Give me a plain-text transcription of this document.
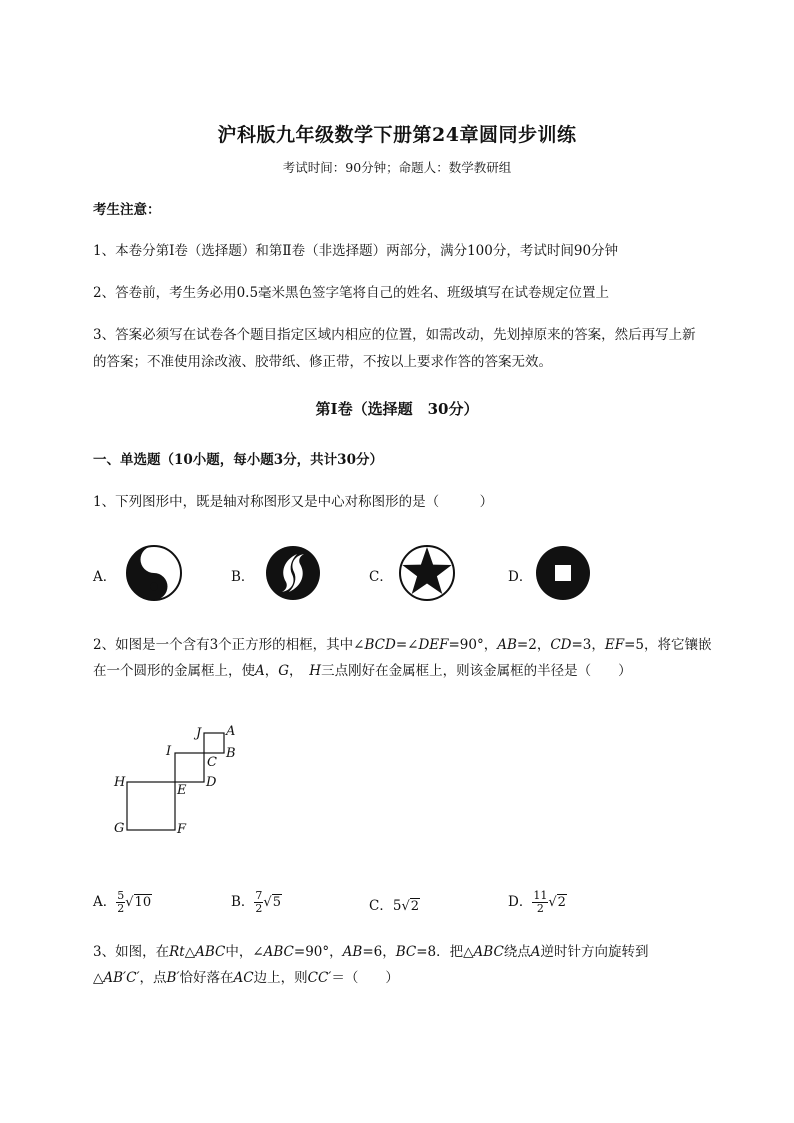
沪科版九年级数学下册第24章圆同步训练
考试时间：90分钟；命题人：数学教研组
考生注意：
1、本卷分第I卷（选择题）和第Ⅱ卷（非选择题）两部分，满分100分，考试时间90分钟
2、答卷前，考生务必用0.5毫米黑色签字笔将自己的姓名、班级填写在试卷规定位置上
3、答案必须写在试卷各个题目指定区域内相应的位置，如需改动，先划掉原来的答案，然后再写上新
的答案；不准使用涂改液、胶带纸、修正带，不按以上要求作答的答案无效。
第I卷（选择题　30分）
一、单选题（10小题，每小题3分，共计30分）
1、下列图形中，既是轴对称图形又是中心对称图形的是（　　　）
A．	B．	C．	D．
2、如图是一个含有3个正方形的相框，其中∠BCD=∠DEF=90°，AB=2，CD=3，EF=5，将它镶嵌
在一个圆形的金属框上，使A，G，　H三点刚好在金属框上，则该金属框的半径是（　　）
J A
I	B
C
H
E
D
G	F
A． $\frac{5}{2} √10$	B． $\frac{7}{2} √5$	C．5√2	D． $\frac{11}{2} √2$
3、如图，在Rt△ABC中，∠ABC=90°，AB=6，BC=8．把△ABC绕点A逆时针方向旋转到
△AB′C′，点B′恰好落在AC边上，则CC′＝（　　）
